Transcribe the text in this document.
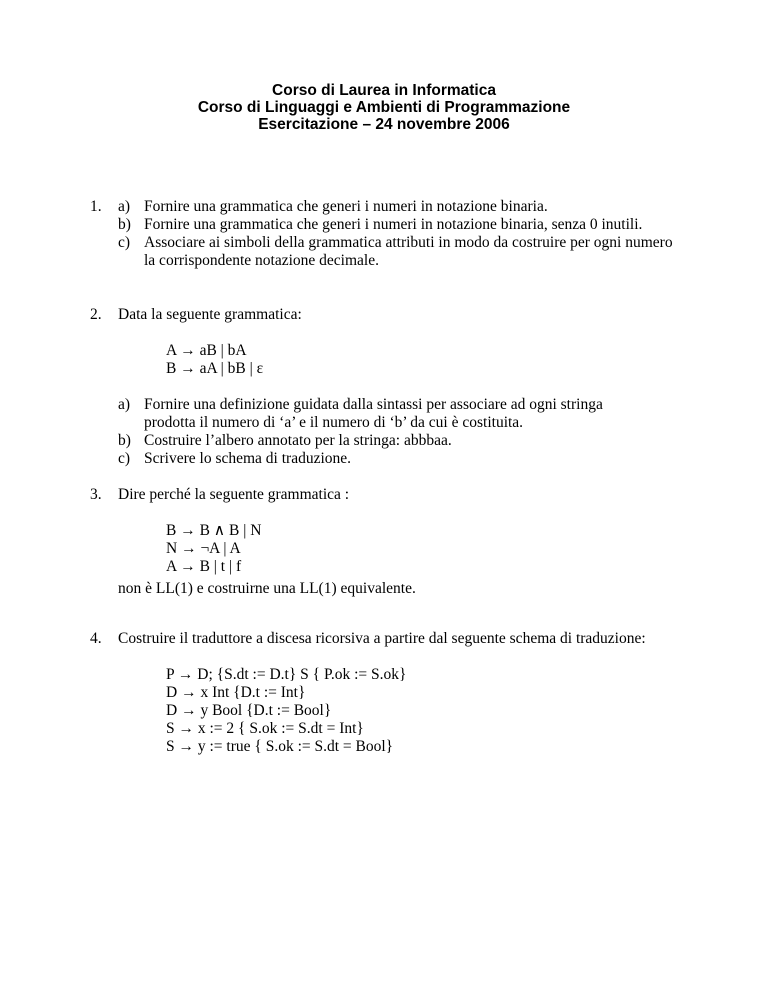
Corso di Laurea in Informatica
Corso di Linguaggi e Ambienti di Programmazione
Esercitazione – 24 novembre 2006
1. a) Fornire una grammatica che generi i numeri in notazione binaria.
b) Fornire una grammatica che generi i numeri in notazione binaria, senza 0 inutili.
c) Associare ai simboli della grammatica attributi in modo da costruire per ogni numero la corrispondente notazione decimale.
2. Data la seguente grammatica:
A → aB | bA
B → aA | bB | ε
a) Fornire una definizione guidata dalla sintassi per associare ad ogni stringa prodotta il numero di ‘a’ e il numero di ‘b’ da cui è costituita.
b) Costruire l’albero annotato per la stringa: abbbaa.
c) Scrivere lo schema di traduzione.
3. Dire perché la seguente grammatica :
B → B ∧ B | N
N → ¬A | A
A → B | t | f
non è LL(1) e costruirne una LL(1) equivalente.
4. Costruire il traduttore a discesa ricorsiva a partire dal seguente schema di traduzione:
P → D; {S.dt := D.t} S { P.ok := S.ok}
D → x Int {D.t := Int}
D → y Bool {D.t := Bool}
S → x := 2 { S.ok := S.dt = Int}
S → y := true { S.ok := S.dt = Bool}
